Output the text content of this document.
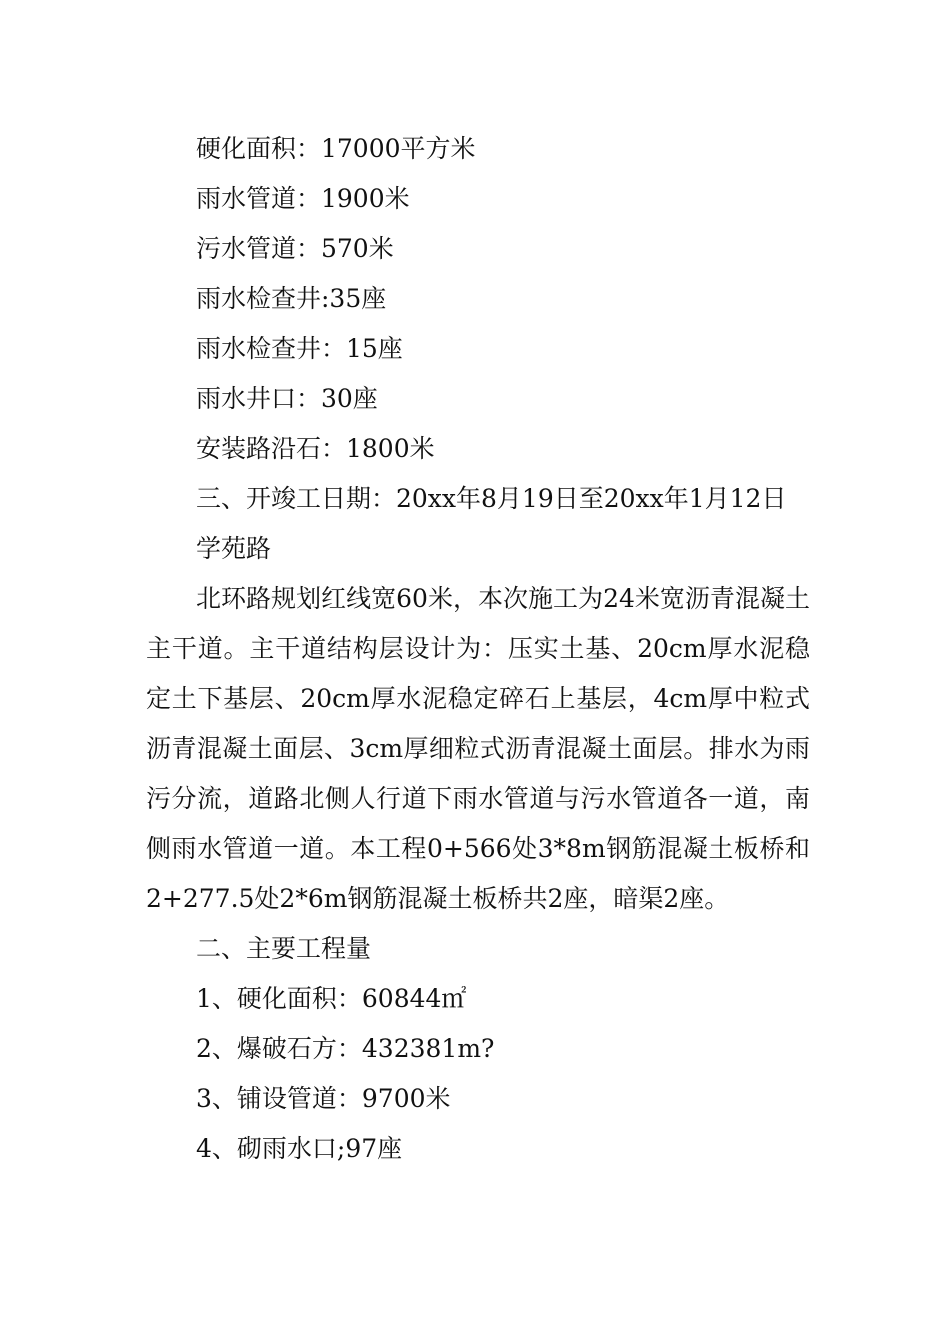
硬化面积：17000平方米

雨水管道：1900米

污水管道：570米

雨水检查井:35座

雨水检查井：15座

雨水井口：30座

安装路沿石：1800米

三、开竣工日期：20xx年8月19日至20xx年1月12日

学苑路

北环路规划红线宽60米，本次施工为24米宽沥青混凝土主干道。主干道结构层设计为：压实土基、20cm厚水泥稳定土下基层、20cm厚水泥稳定碎石上基层，4cm厚中粒式沥青混凝土面层、3cm厚细粒式沥青混凝土面层。排水为雨污分流，道路北侧人行道下雨水管道与污水管道各一道，南侧雨水管道一道。本工程0+566处3*8m钢筋混凝土板桥和2+277.5处2*6m钢筋混凝土板桥共2座，暗渠2座。

二、主要工程量

1、硬化面积：60844㎡

2、爆破石方：432381m?

3、铺设管道：9700米

4、砌雨水口;97座
